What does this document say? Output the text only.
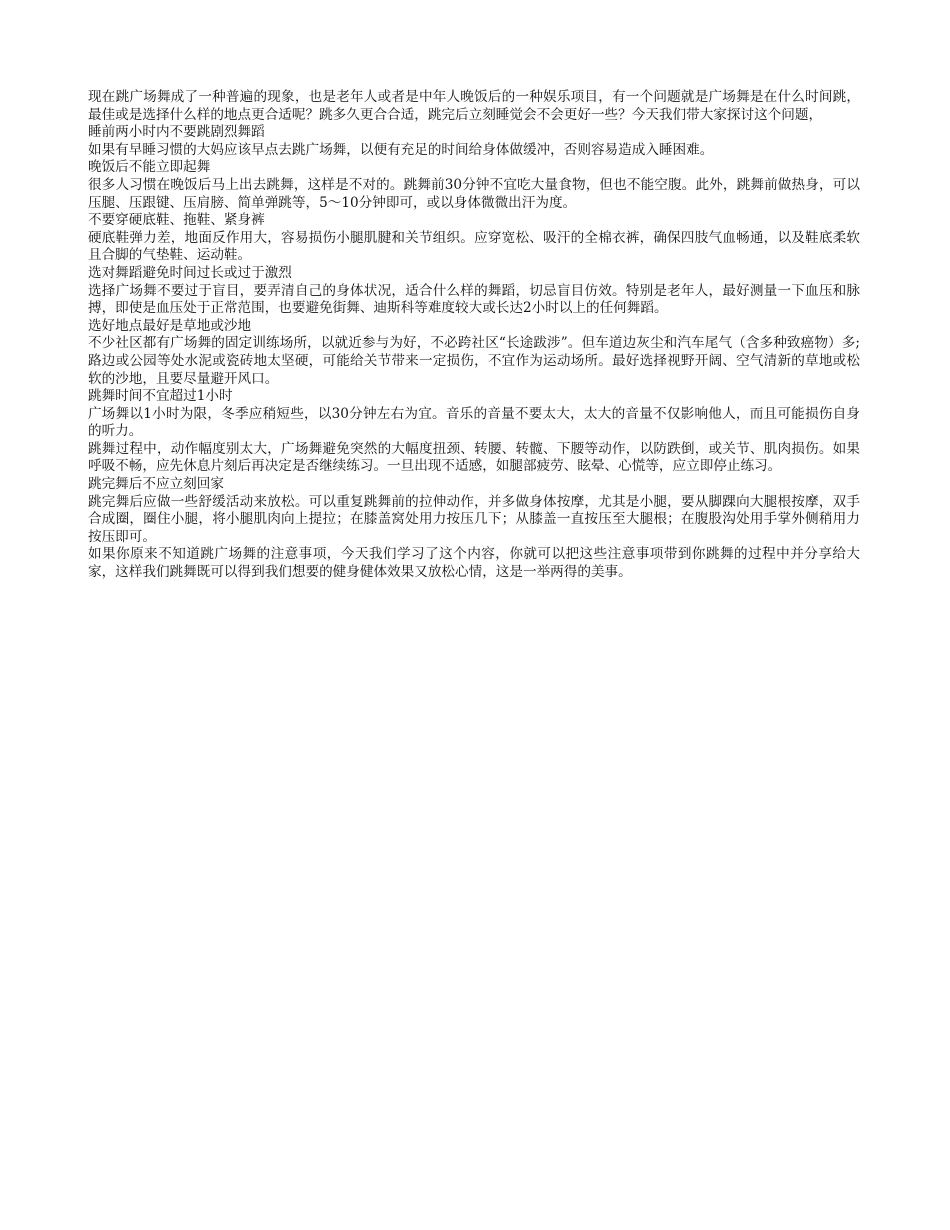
现在跳广场舞成了一种普遍的现象，也是老年人或者是中年人晚饭后的一种娱乐项目，有一个问题就是广场舞是在什么时间跳，最佳或是选择什么样的地点更合适呢？跳多久更合合适，跳完后立刻睡觉会不会更好一些？今天我们带大家探讨这个问题，

睡前两小时内不要跳剧烈舞蹈

如果有早睡习惯的大妈应该早点去跳广场舞，以便有充足的时间给身体做缓冲，否则容易造成入睡困难。

晚饭后不能立即起舞

很多人习惯在晚饭后马上出去跳舞，这样是不对的。跳舞前30分钟不宜吃大量食物，但也不能空腹。此外，跳舞前做热身，可以压腿、压跟键、压肩膀、简单弹跳等，5～10分钟即可，或以身体微微出汗为度。

不要穿硬底鞋、拖鞋、紧身裤

硬底鞋弹力差，地面反作用大，容易损伤小腿肌腱和关节组织。应穿宽松、吸汗的全棉衣裤，确保四肢气血畅通，以及鞋底柔软且合脚的气垫鞋、运动鞋。

选对舞蹈避免时间过长或过于激烈

选择广场舞不要过于盲目，要弄清自己的身体状况，适合什么样的舞蹈，切忌盲目仿效。特别是老年人，最好测量一下血压和脉搏，即使是血压处于正常范围，也要避免街舞、迪斯科等难度较大或长达2小时以上的任何舞蹈。

选好地点最好是草地或沙地

不少社区都有广场舞的固定训练场所，以就近参与为好，不必跨社区“长途跋涉”。但车道边灰尘和汽车尾气（含多种致癌物）多;路边或公园等处水泥或瓷砖地太坚硬，可能给关节带来一定损伤，不宜作为运动场所。最好选择视野开阔、空气清新的草地或松软的沙地，且要尽量避开风口。

跳舞时间不宜超过1小时

广场舞以1小时为限，冬季应稍短些，以30分钟左右为宜。音乐的音量不要太大，太大的音量不仅影响他人，而且可能损伤自身的听力。

跳舞过程中，动作幅度别太大，广场舞避免突然的大幅度扭颈、转腰、转髋、下腰等动作，以防跌倒，或关节、肌肉损伤。如果呼吸不畅，应先休息片刻后再决定是否继续练习。一旦出现不适感，如腿部疲劳、眩晕、心慌等，应立即停止练习。

跳完舞后不应立刻回家

跳完舞后应做一些舒缓活动来放松。可以重复跳舞前的拉伸动作，并多做身体按摩，尤其是小腿，要从脚踝向大腿根按摩，双手合成圈，圈住小腿，将小腿肌肉向上提拉；在膝盖窝处用力按压几下；从膝盖一直按压至大腿根；在腹股沟处用手掌外侧稍用力按压即可。

如果你原来不知道跳广场舞的注意事项，今天我们学习了这个内容，你就可以把这些注意事项带到你跳舞的过程中并分享给大家，这样我们跳舞既可以得到我们想要的健身健体效果又放松心情，这是一举两得的美事。
